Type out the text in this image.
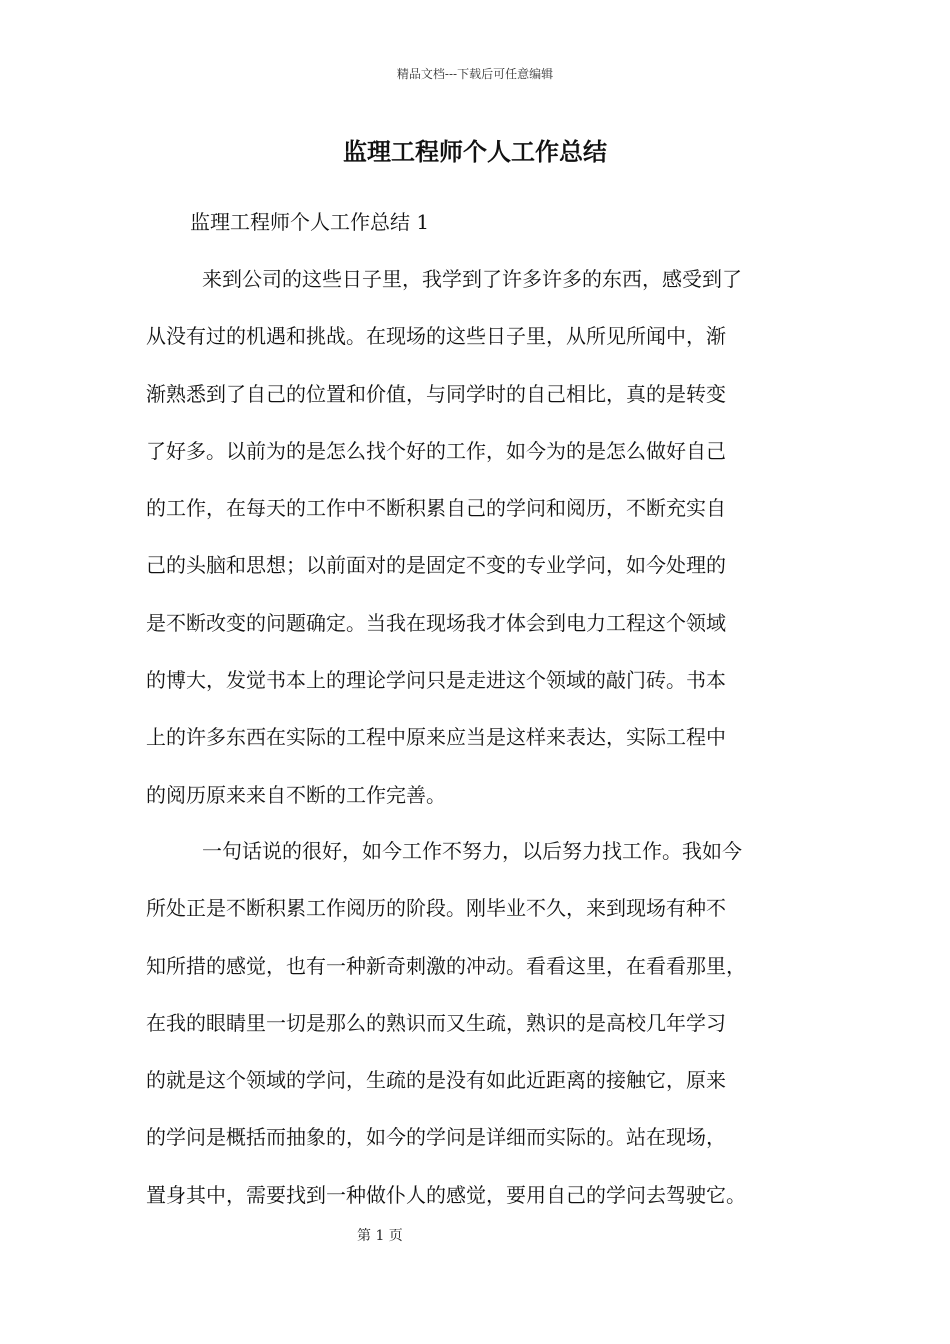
精品文档---下载后可任意编辑
监理工程师个人工作总结
监理工程师个人工作总结 1
来到公司的这些日子里，我学到了许多许多的东西，感受到了
从没有过的机遇和挑战。在现场的这些日子里，从所见所闻中，渐
渐熟悉到了自己的位置和价值，与同学时的自己相比，真的是转变
了好多。以前为的是怎么找个好的工作，如今为的是怎么做好自己
的工作，在每天的工作中不断积累自己的学问和阅历，不断充实自
己的头脑和思想；以前面对的是固定不变的专业学问，如今处理的
是不断改变的问题确定。当我在现场我才体会到电力工程这个领域
的博大，发觉书本上的理论学问只是走进这个领域的敲门砖。书本
上的许多东西在实际的工程中原来应当是这样来表达，实际工程中
的阅历原来来自不断的工作完善。
一句话说的很好，如今工作不努力，以后努力找工作。我如今
所处正是不断积累工作阅历的阶段。刚毕业不久，来到现场有种不
知所措的感觉，也有一种新奇刺激的冲动。看看这里，在看看那里，
在我的眼睛里一切是那么的熟识而又生疏，熟识的是高校几年学习
的就是这个领域的学问，生疏的是没有如此近距离的接触它，原来
的学问是概括而抽象的，如今的学问是详细而实际的。站在现场，
置身其中，需要找到一种做仆人的感觉，要用自己的学问去驾驶它。
第 1 页
